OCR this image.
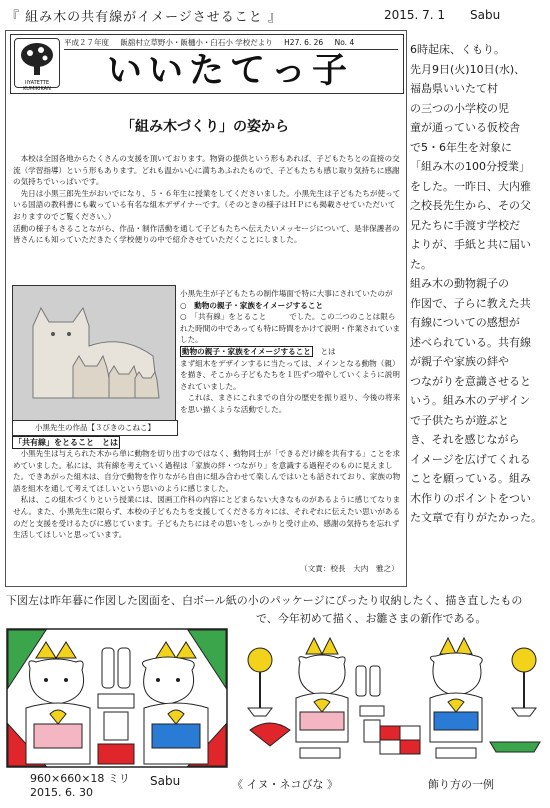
『 組み木の共有線がイメージさせること 』	2015. 7. 1 Sabu
IIYATETTE KUMIKIKAN
平成２７年度 飯舘村立草野小・飯樋小・臼石小 学校だより H27. 6. 26 No. 4
いいたてっ子
「組み木づくり」の姿から
　本校は全国各地からたくさんの支援を頂いております。物資の提供という形もあれば、子どもたちとの直接の交流（学習指導）という形もあります。どれも温かい心に満ちあふれたもので、子どもたちも感じ取り気持ちに感謝の気持ちでいっぱいです。
　先日は小黒三郎先生がおいでになり、５・６年生に授業をしてくださいました。小黒先生は子どもたちが使っている国語の教科書にも載っている有名な組木デザイナーです。（そのときの様子はＨＰにも掲載させていただいておりますのでご覧ください。）
活動の様子もさることながら、作品・制作活動を通して子どもたちへ伝えたいメッセージについて、是非保護者の皆さんにも知っていただきたく学校便りの中で紹介させていただくことにしました。
小黒先生の作品【３びきのこねこ】
小黒先生が子どもたちの制作場面で特に大事にされていたのが
○　動物の親子・家族をイメージすること
○　「共有線」をとること　　　でした。この二つのことは限られた時間の中であっても特に時間をかけて説明・作業されていました。
動物の親子・家族をイメージすること　とは
まず組木をデザインするに当たっては、メインとなる動物（親）を描き、そこから子どもたちを１匹ずつ増やしていくように説明されていました。
　これは、まさにこれまでの自分の歴史を振り返り、今後の将来を思い描くような活動でした。
「共有線」をとること　とは
　小黒先生は与えられた木から単に動物を切り出すのではなく、動物同士が「できるだけ線を共有する」ことを求めていました。私には、共有線を考えていく過程は「家族の絆・つながり」を意識する過程そのものに見えました。できあがった組木は、自分で動物を作りながら自由に組み合わせて楽しんではいとも話されており、家族の物語を組木を通して考えてほしいという思いのように感じました。
　私は、この組木づくりという授業には、図画工作科の内容にとどまらない大きなものがあるように感じてなりません。また、小黒先生に限らず、本校の子どもたちを支援してくださる方々には、それぞれに伝えたい思いがあるのだと支援を受けるたびに感じています。子どもたちにはその思いをしっかりと受け止め、感謝の気持ちを忘れず生活してほしいと思っています。
（文責：校長　大内　雅之）
6時起床、くもり。
先月9日(火)10日(水)、
福島県いいたて村
の三つの小学校の児
童が通っている仮校舎
で5・6年生を対象に
「組み木の100分授業」
をした。一昨日、大内雅
之校長先生から、その父
兄たちに手渡す学校だ
よりが、手紙と共に届いた。
組み木の動物親子の
作図で、子らに教えた共
有線についての感想が
述べられている。共有線
が親子や家族の絆や
つながりを意識させると
いう。組み木のデザイン
で子供たちが遊ぶと
き、それを感じながら
イメージを広げてくれる
ことを願っている。組み
木作りのポイントをつい
た文章で有りがたかった。
下図左は昨年暮に作図した図面を、白ボール紙の小のパッケージにぴったり収納したく、描き直したもの
で、今年初めて描く、お雛さまの新作である。
960×660×18 ミリ
2015. 6. 30
Sabu	《 イヌ・ネコびな 》	飾り方の一例
